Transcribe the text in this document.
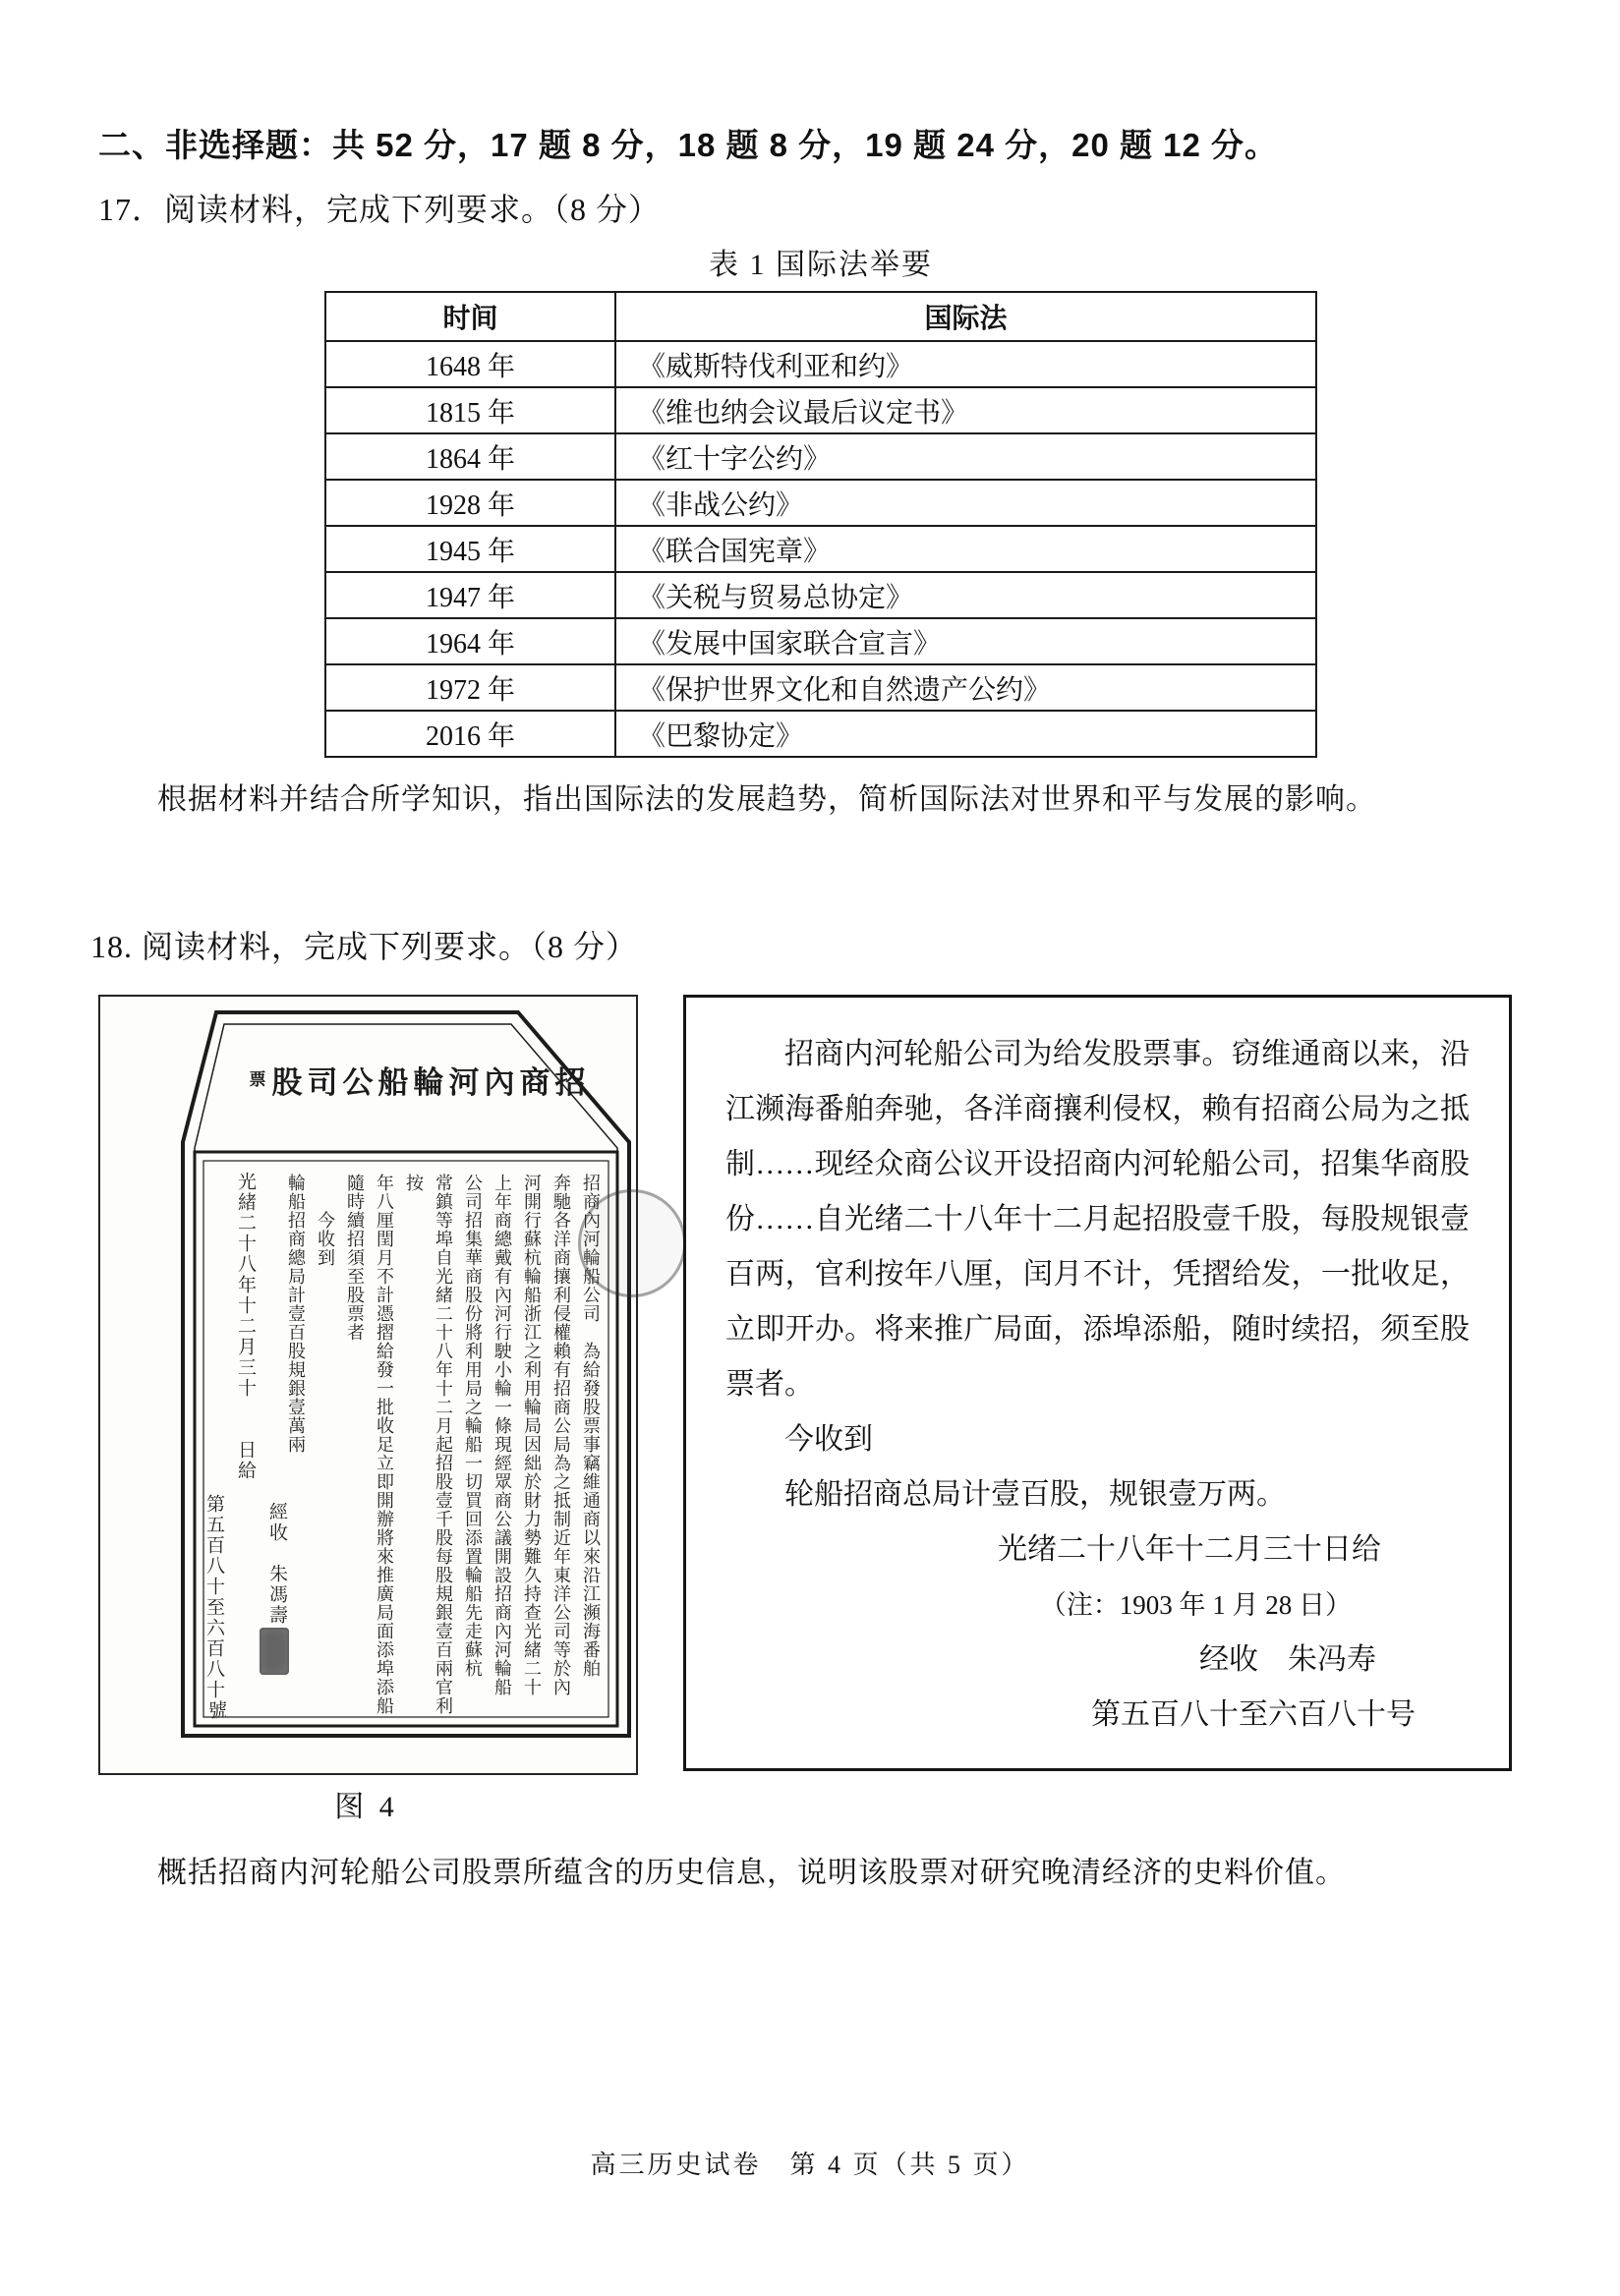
二、非选择题：共 52 分，17 题 8 分，18 题 8 分，19 题 24 分，20 题 12 分。
17．阅读材料，完成下列要求。（8 分）
表 1 国际法举要
时间	国际法
1648 年	《威斯特伐利亚和约》
1815 年	《维也纳会议最后议定书》
1864 年	《红十字公约》
1928 年	《非战公约》
1945 年	《联合国宪章》
1947 年	《关税与贸易总协定》
1964 年	《发展中国家联合宣言》
1972 年	《保护世界文化和自然遗产公约》
2016 年	《巴黎协定》
根据材料并结合所学知识，指出国际法的发展趋势，简析国际法对世界和平与发展的影响。
18. 阅读材料，完成下列要求。（8 分）
票 股司公船輪河內商招
招商內河輪船公司　為給發股票事竊維通商以來沿江瀕海番舶
奔馳各洋商攘利侵權賴有招商公局為之抵制近年東洋公司等於內
河開行蘇杭輪船浙江之利用輪局因絀於財力勢難久持查光緒二十
上年商總戴有內河行駛小輪一條現經眾商公議開設招商內河輪船
公司招集華商股份將利用局之輪船一切買回添置輪船先走蘇杭
常鎮等埠自光緒二十八年十二月起招股壹千股每股規銀壹百兩官利按
年八厘閏月不計憑摺給發一批收足立即開辦將來推廣局面添埠添船
隨時續招須至股票者
　　今收到
輪船招商總局計壹百股規銀壹萬兩
光緒二十八年十二月三十　　日給
經收　朱馮壽
第五百八十至六百八十
號

招商内河轮船公司为给发股票事。窃维通商以来，沿江濒海番舶奔驰，各洋商攘利侵权，赖有招商公局为之抵制……现经众商公议开设招商内河轮船公司，招集华商股份……自光绪二十八年十二月起招股壹千股，每股规银壹百两，官利按年八厘，闰月不计，凭摺给发，一批收足，立即开办。将来推广局面，添埠添船，随时续招，须至股票者。

今收到

轮船招商总局计壹百股，规银壹万两。

光绪二十八年十二月三十日给

（注：1903 年 1 月 28 日）

经收　朱冯寿

第五百八十至六百八十号

图 4
概括招商内河轮船公司股票所蕴含的历史信息，说明该股票对研究晚清经济的史料价值。
高三历史试卷　第 4 页（共 5 页）
